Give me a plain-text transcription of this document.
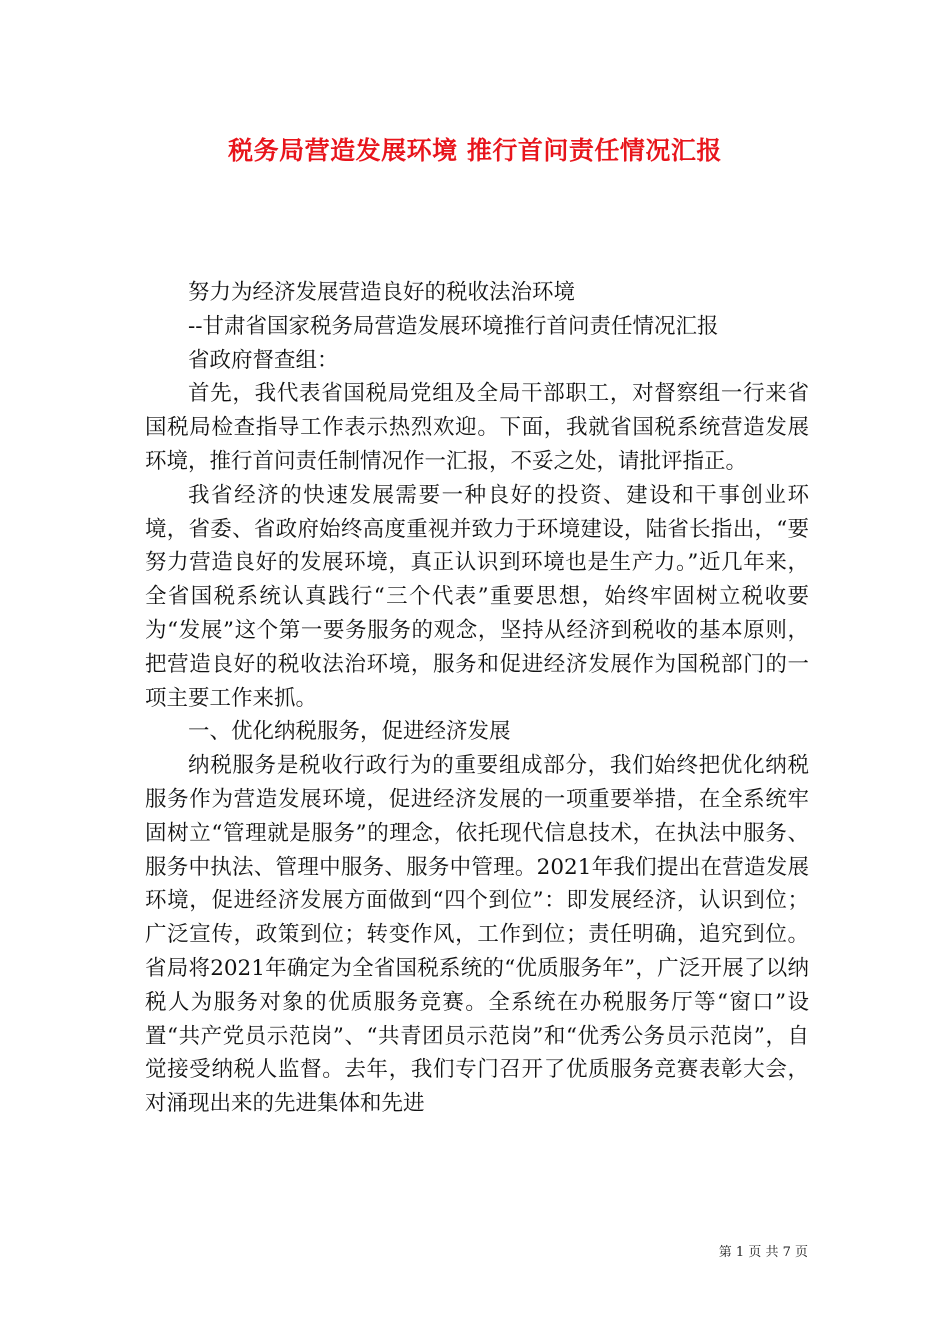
税务局营造发展环境 推行首问责任情况汇报

努力为经济发展营造良好的税收法治环境

--甘肃省国家税务局营造发展环境推行首问责任情况汇报

省政府督查组：

首先，我代表省国税局党组及全局干部职工，对督察组一行来省国税局检查指导工作表示热烈欢迎。下面，我就省国税系统营造发展环境，推行首问责任制情况作一汇报，不妥之处，请批评指正。

我省经济的快速发展需要一种良好的投资、建设和干事创业环境，省委、省政府始终高度重视并致力于环境建设，陆省长指出，“要努力营造良好的发展环境，真正认识到环境也是生产力。”近几年来，全省国税系统认真践行“三个代表”重要思想，始终牢固树立税收要为“发展”这个第一要务服务的观念，坚持从经济到税收的基本原则，把营造良好的税收法治环境，服务和促进经济发展作为国税部门的一项主要工作来抓。

一、优化纳税服务，促进经济发展

纳税服务是税收行政行为的重要组成部分，我们始终把优化纳税服务作为营造发展环境，促进经济发展的一项重要举措，在全系统牢固树立“管理就是服务”的理念，依托现代信息技术，在执法中服务、服务中执法、管理中服务、服务中管理。2021年我们提出在营造发展环境，促进经济发展方面做到“四个到位”：即发展经济，认识到位；广泛宣传，政策到位；转变作风，工作到位；责任明确，追究到位。省局将2021年确定为全省国税系统的“优质服务年”，广泛开展了以纳税人为服务对象的优质服务竞赛。全系统在办税服务厅等“窗口”设置“共产党员示范岗”、“共青团员示范岗”和“优秀公务员示范岗”，自觉接受纳税人监督。去年，我们专门召开了优质服务竞赛表彰大会，对涌现出来的先进集体和先进

第 1 页 共 7 页
